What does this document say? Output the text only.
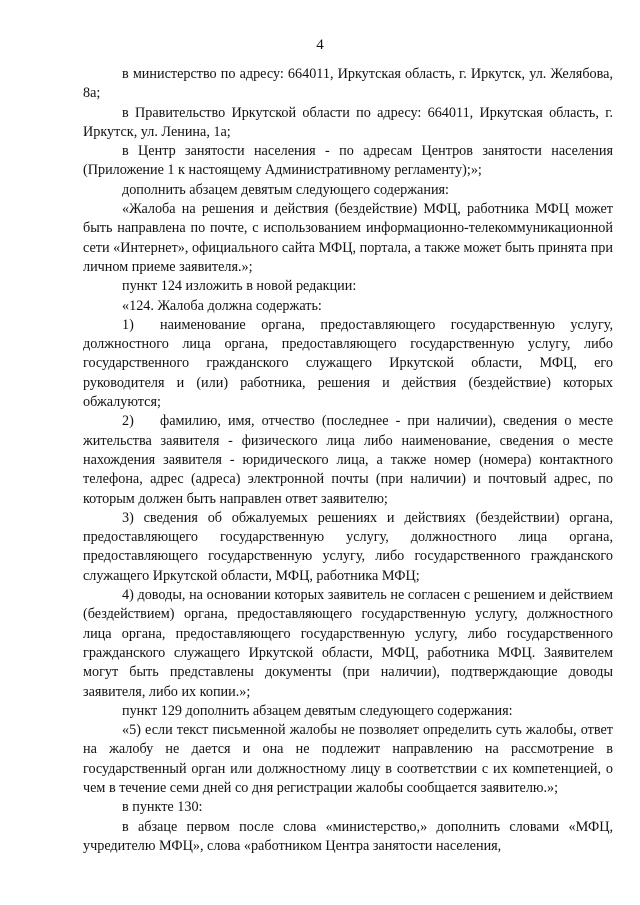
4

в министерство по адресу: 664011, Иркутская область, г. Иркутск, ул. Желябова, 8а;

в Правительство Иркутской области по адресу: 664011, Иркутская область, г. Иркутск, ул. Ленина, 1а;

в Центр занятости населения - по адресам Центров занятости населения (Приложение 1 к настоящему Административному регламенту);»;

дополнить абзацем девятым следующего содержания:

«Жалоба на решения и действия (бездействие) МФЦ, работника МФЦ может быть направлена по почте, с использованием информационно-телекоммуникационной сети «Интернет», официального сайта МФЦ, портала, а также может быть принята при личном приеме заявителя.»;

пункт 124 изложить в новой редакции:

«124. Жалоба должна содержать:

1) наименование органа, предоставляющего государственную услугу, должностного лица органа, предоставляющего государственную услугу, либо государственного гражданского служащего Иркутской области, МФЦ, его руководителя и (или) работника, решения и действия (бездействие) которых обжалуются;

2) фамилию, имя, отчество (последнее - при наличии), сведения о месте жительства заявителя - физического лица либо наименование, сведения о месте нахождения заявителя - юридического лица, а также номер (номера) контактного телефона, адрес (адреса) электронной почты (при наличии) и почтовый адрес, по которым должен быть направлен ответ заявителю;

3) сведения об обжалуемых решениях и действиях (бездействии) органа, предоставляющего государственную услугу, должностного лица органа, предоставляющего государственную услугу, либо государственного гражданского служащего Иркутской области, МФЦ, работника МФЦ;

4) доводы, на основании которых заявитель не согласен с решением и действием (бездействием) органа, предоставляющего государственную услугу, должностного лица органа, предоставляющего государственную услугу, либо государственного гражданского служащего Иркутской области, МФЦ, работника МФЦ. Заявителем могут быть представлены документы (при наличии), подтверждающие доводы заявителя, либо их копии.»;

пункт 129 дополнить абзацем девятым следующего содержания:

«5) если текст письменной жалобы не позволяет определить суть жалобы, ответ на жалобу не дается и она не подлежит направлению на рассмотрение в государственный орган или должностному лицу в соответствии с их компетенцией, о чем в течение семи дней со дня регистрации жалобы сообщается заявителю.»;

в пункте 130:

в абзаце первом после слова «министерство,» дополнить словами «МФЦ, учредителю МФЦ», слова «работником Центра занятости населения,
